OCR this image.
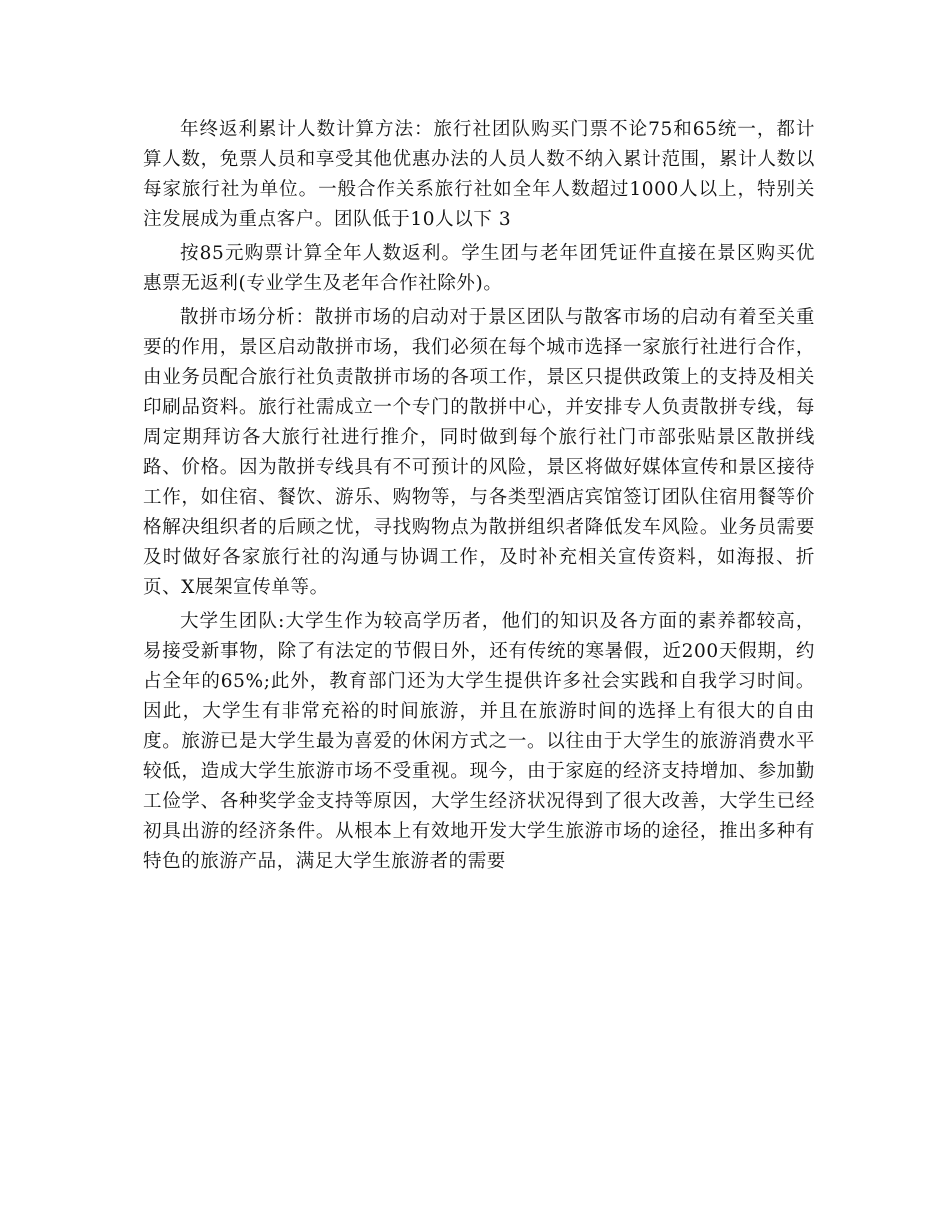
年终返利累计人数计算方法：旅行社团队购买门票不论75和65统一，都计算人数，免票人员和享受其他优惠办法的人员人数不纳入累计范围，累计人数以每家旅行社为单位。一般合作关系旅行社如全年人数超过1000人以上，特别关注发展成为重点客户。团队低于10人以下 3

按85元购票计算全年人数返利。学生团与老年团凭证件直接在景区购买优惠票无返利(专业学生及老年合作社除外)。

散拼市场分析：散拼市场的启动对于景区团队与散客市场的启动有着至关重要的作用，景区启动散拼市场，我们必须在每个城市选择一家旅行社进行合作，由业务员配合旅行社负责散拼市场的各项工作，景区只提供政策上的支持及相关印刷品资料。旅行社需成立一个专门的散拼中心，并安排专人负责散拼专线，每周定期拜访各大旅行社进行推介，同时做到每个旅行社门市部张贴景区散拼线路、价格。因为散拼专线具有不可预计的风险，景区将做好媒体宣传和景区接待工作，如住宿、餐饮、游乐、购物等，与各类型酒店宾馆签订团队住宿用餐等价格解决组织者的后顾之忧，寻找购物点为散拼组织者降低发车风险。业务员需要及时做好各家旅行社的沟通与协调工作，及时补充相关宣传资料，如海报、折页、X展架宣传单等。

大学生团队:大学生作为较高学历者，他们的知识及各方面的素养都较高，易接受新事物，除了有法定的节假日外，还有传统的寒暑假，近200天假期，约占全年的65%;此外，教育部门还为大学生提供许多社会实践和自我学习时间。因此，大学生有非常充裕的时间旅游，并且在旅游时间的选择上有很大的自由度。旅游已是大学生最为喜爱的休闲方式之一。以往由于大学生的旅游消费水平较低，造成大学生旅游市场不受重视。现今，由于家庭的经济支持增加、参加勤工俭学、各种奖学金支持等原因，大学生经济状况得到了很大改善，大学生已经初具出游的经济条件。从根本上有效地开发大学生旅游市场的途径，推出多种有特色的旅游产品，满足大学生旅游者的需要
